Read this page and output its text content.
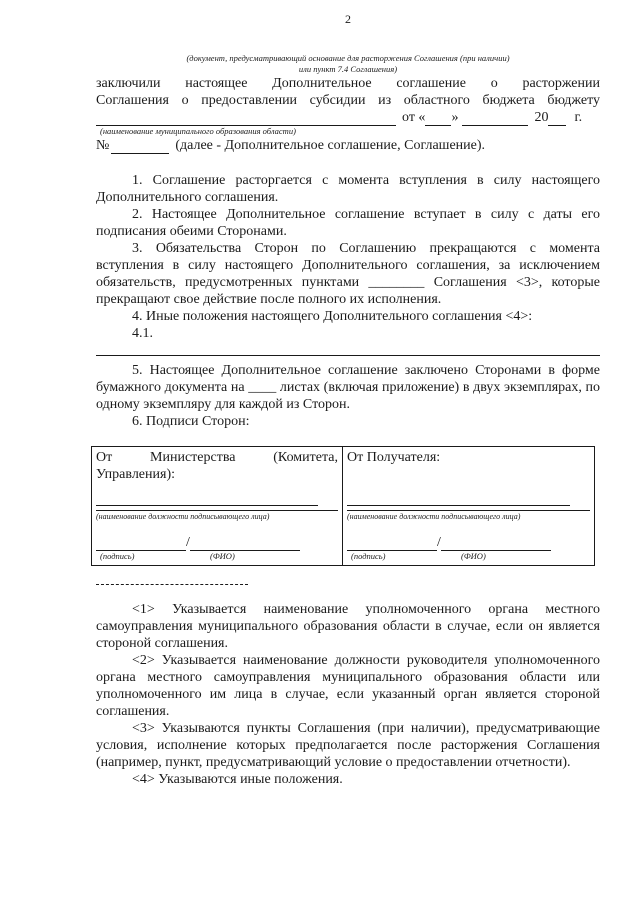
2
(документ, предусматривающий основание для расторжения Соглашения (при наличии)
или пункт 7.4 Соглашения)

заключили настоящее Дополнительное соглашение о расторжении

Соглашения о предоставлении субсидии из областного бюджета бюджету

от « »	20 г.
(наименование муниципального образования области)
№	(далее - Дополнительное соглашение, Соглашение).

1. Соглашение расторгается с момента вступления в силу настоящего Дополнительного соглашения.

2. Настоящее Дополнительное соглашение вступает в силу с даты его подписания обеими Сторонами.

3. Обязательства Сторон по Соглашению прекращаются с момента вступления в силу настоящего Дополнительного соглашения, за исключением обязательств, предусмотренных пунктами ________ Соглашения <3>, которые прекращают свое действие после полного их исполнения.

4. Иные положения настоящего Дополнительного соглашения <4>:

4.1.

5. Настоящее Дополнительное соглашение заключено Сторонами в форме бумажного документа на ____ листах (включая приложение) в двух экземплярах, по одному экземпляру для каждой из Сторон.

6. Подписи Сторон:

От Министерства (Комитета, Управления):

(наименование должности подписывающего лица)
/
(подпись)	(ФИО)

От Получателя:

(наименование должности подписывающего лица)
/
(подпись)	(ФИО)

<1> Указывается наименование уполномоченного органа местного самоуправления муниципального образования области в случае, если он является стороной соглашения.

<2> Указывается наименование должности руководителя уполномоченного органа местного самоуправления муниципального образования области или уполномоченного им лица в случае, если указанный орган является стороной соглашения.

<3> Указываются пункты Соглашения (при наличии), предусматривающие условия, исполнение которых предполагается после расторжения Соглашения (например, пункт, предусматривающий условие о предоставлении отчетности).

<4> Указываются иные положения.
